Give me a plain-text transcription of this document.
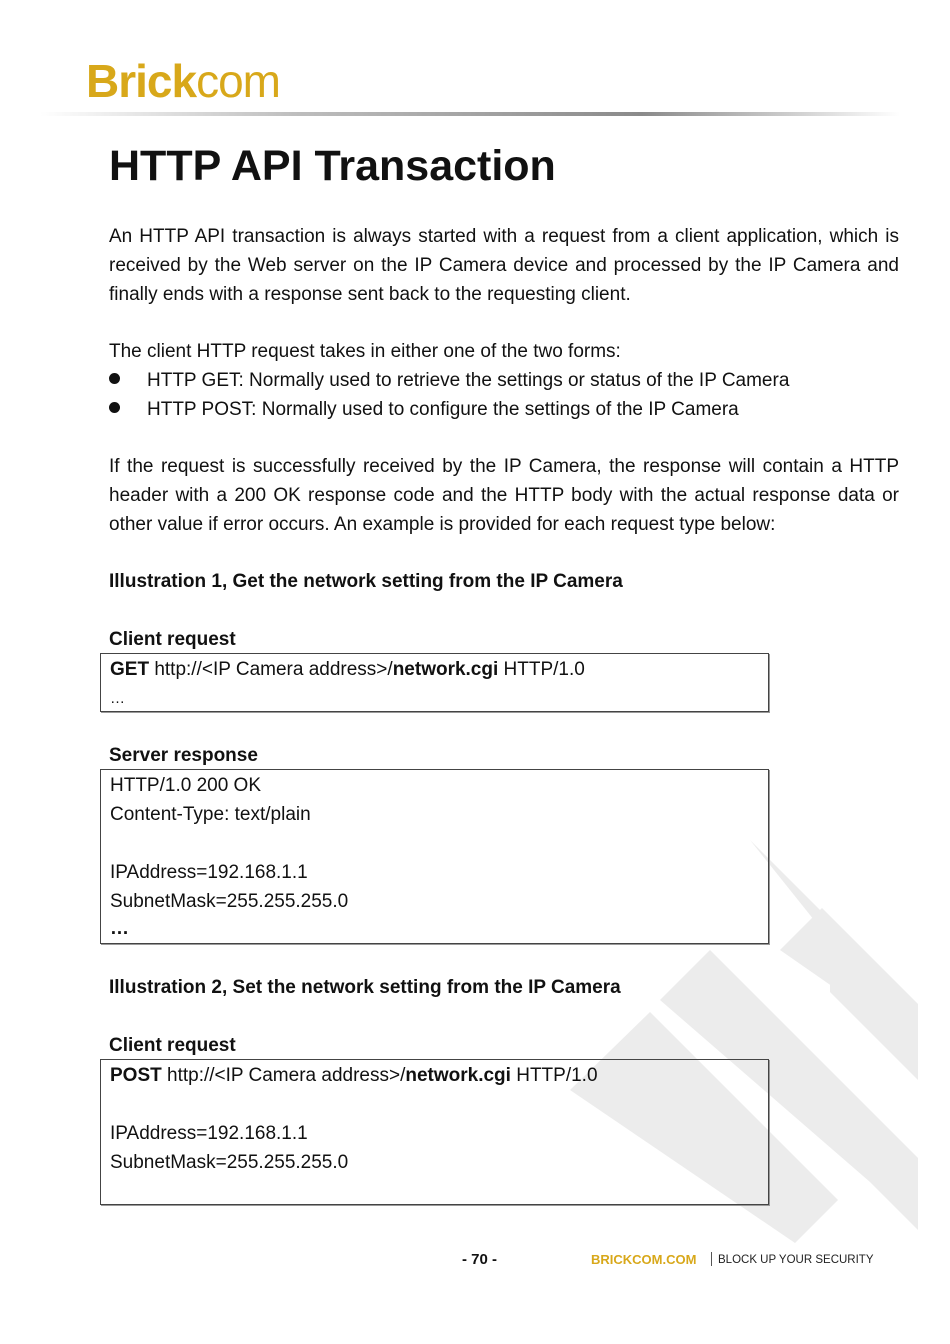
Brickcom
HTTP API Transaction

An HTTP API transaction is always started with a request from a client application, which is received by the Web server on the IP Camera device and processed by the IP Camera and finally ends with a response sent back to the requesting client.

The client HTTP request takes in either one of the two forms:

HTTP GET: Normally used to retrieve the settings or status of the IP Camera
HTTP POST: Normally used to configure the settings of the IP Camera

If the request is successfully received by the IP Camera, the response will contain a HTTP header with a 200 OK response code and the HTTP body with the actual response data or other value if error occurs. An example is provided for each request type below:

Illustration 1, Get the network setting from the IP Camera

Client request

GET http://<IP Camera address>/network.cgi HTTP/1.0
…

Server response

HTTP/1.0 200 OK
Content-Type: text/plain
IPAddress=192.168.1.1
SubnetMask=255.255.255.0
…

Illustration 2, Set the network setting from the IP Camera

Client request

POST http://<IP Camera address>/network.cgi HTTP/1.0
IPAddress=192.168.1.1
SubnetMask=255.255.255.0
- 70 -	BRICKCOM.COM BLOCK UP YOUR SECURITY
